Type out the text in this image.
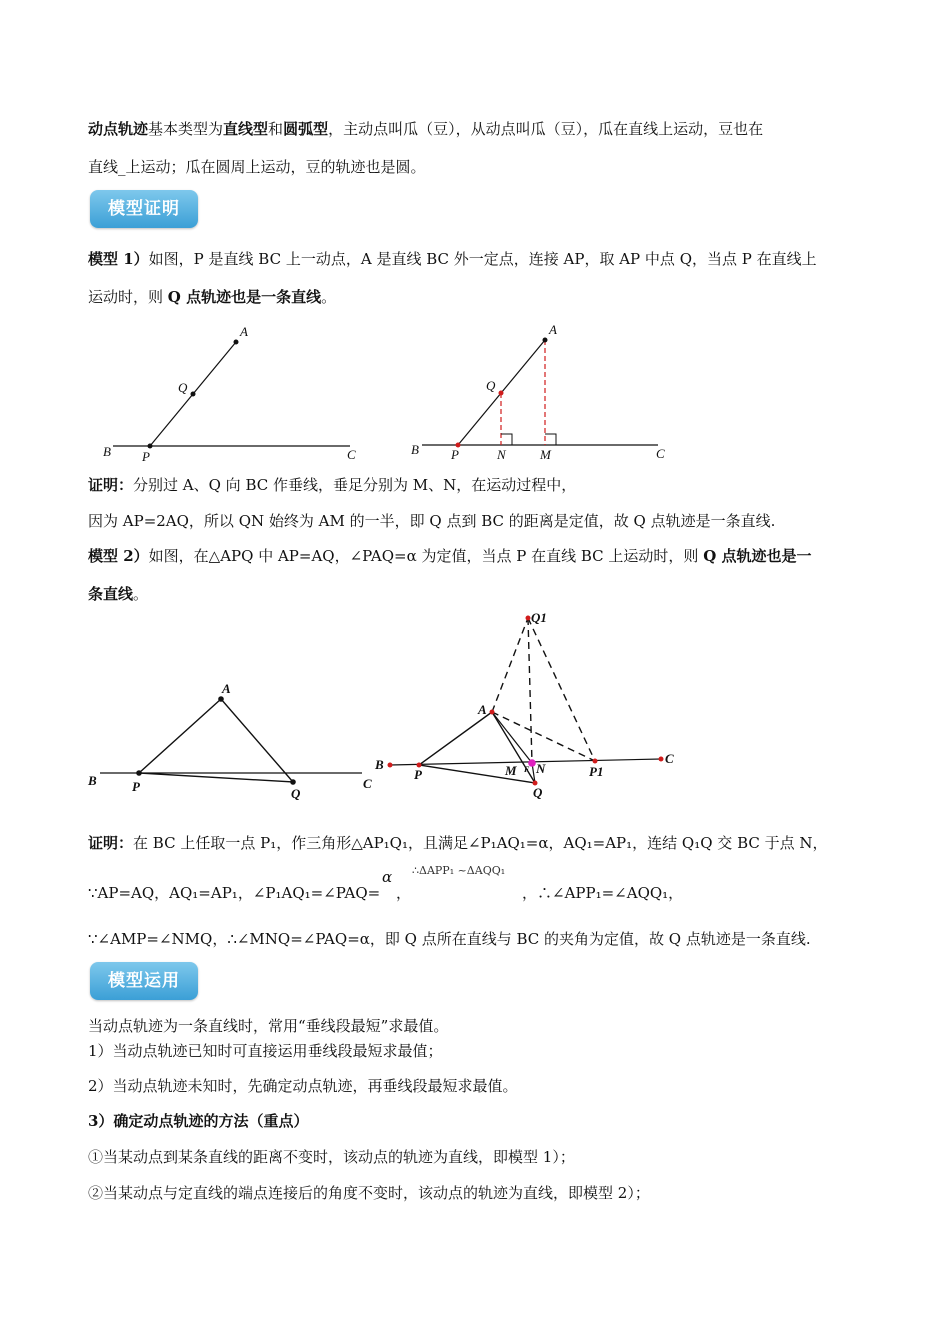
动点轨迹基本类型为直线型和圆弧型，主动点叫瓜（豆），从动点叫瓜（豆），瓜在直线上运动，豆也在
直线_上运动；瓜在圆周上运动，豆的轨迹也是圆。
模型证明
模型 1）如图，P 是直线 BC 上一动点，A 是直线 BC 外一定点，连接 AP，取 AP 中点 Q，当点 P 在直线上
运动时，则 Q 点轨迹也是一条直线。
A
Q
B P	C
A
Q
B P	N	M	C
证明：分别过 A、Q 向 BC 作垂线，垂足分别为 M、N，在运动过程中，
因为 AP=2AQ，所以 QN 始终为 AM 的一半，即 Q 点到 BC 的距离是定值，故 Q 点轨迹是一条直线.
模型 2）如图，在△APQ 中 AP=AQ，∠PAQ=α 为定值，当点 P 在直线 BC 上运动时，则 Q 点轨迹也是一
条直线。
A
B	P	Q
C
Q1
A
B
P	M F N	P1
C
Q
证明：在 BC 上任取一点 P₁，作三角形△AP₁Q₁，且满足∠P₁AQ₁=α，AQ₁=AP₁，连结 Q₁Q 交 BC 于点 N，
∵AP=AQ，AQ₁=AP₁，∠P₁AQ₁=∠PAQ=
α
，
∴ΔAPP₁ ~ΔAQQ₁
，∴∠APP₁=∠AQQ₁，
∵∠AMP=∠NMQ，∴∠MNQ=∠PAQ=α，即 Q 点所在直线与 BC 的夹角为定值，故 Q 点轨迹是一条直线.
模型运用
当动点轨迹为一条直线时，常用“垂线段最短”求最值。
1）当动点轨迹已知时可直接运用垂线段最短求最值；
2）当动点轨迹未知时，先确定动点轨迹，再垂线段最短求最值。
3）确定动点轨迹的方法（重点）
①当某动点到某条直线的距离不变时，该动点的轨迹为直线，即模型 1）；
②当某动点与定直线的端点连接后的角度不变时，该动点的轨迹为直线，即模型 2）；
